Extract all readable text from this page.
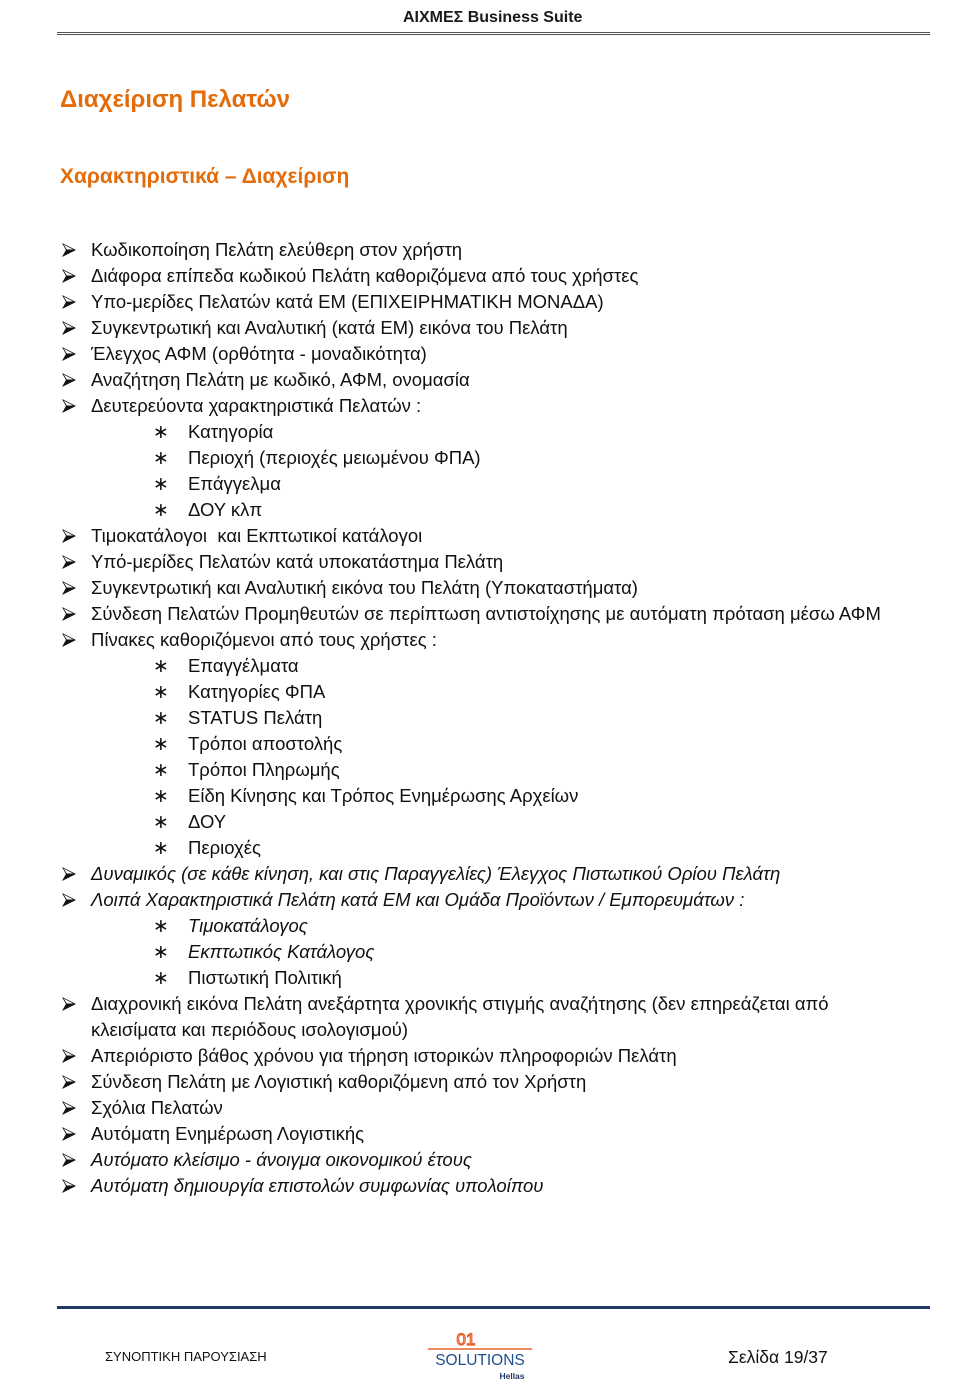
ΑΙΧΜΕΣ Business Suite
Διαχείριση Πελατών
Χαρακτηριστικά – Διαχείριση
Κωδικοποίηση Πελάτη ελεύθερη στον χρήστη
Διάφορα επίπεδα κωδικού Πελάτη καθοριζόμενα από τους χρήστες
Υπο-μερίδες Πελατών κατά ΕΜ (ΕΠΙΧΕΙΡΗΜΑΤΙΚΗ ΜΟΝΑΔΑ)
Συγκεντρωτική και Αναλυτική (κατά ΕΜ) εικόνα του Πελάτη
Έλεγχος ΑΦΜ (ορθότητα - μοναδικότητα)
Αναζήτηση Πελάτη με κωδικό, ΑΦΜ, ονομασία
Δευτερεύοντα χαρακτηριστικά Πελατών :
∗
Κατηγορία
∗
Περιοχή (περιοχές μειωμένου ΦΠΑ)
∗
Επάγγελμα
∗
ΔΟΥ κλπ
Τιμοκατάλογοι  και Εκπτωτικοί κατάλογοι
Υπό-μερίδες Πελατών κατά υποκατάστημα Πελάτη
Συγκεντρωτική και Αναλυτική εικόνα του Πελάτη (Υποκαταστήματα)
Σύνδεση Πελατών Προμηθευτών σε περίπτωση αντιστοίχησης με αυτόματη πρόταση μέσω ΑΦΜ
Πίνακες καθοριζόμενοι από τους χρήστες :
∗
Επαγγέλματα
∗
Κατηγορίες ΦΠΑ
∗
STATUS Πελάτη
∗
Τρόποι αποστολής
∗
Τρόποι Πληρωμής
∗
Είδη Κίνησης και Τρόπος Ενημέρωσης Αρχείων
∗
ΔΟΥ
∗
Περιοχές
Δυναμικός (σε κάθε κίνηση, και στις Παραγγελίες) Έλεγχος Πιστωτικού Ορίου Πελάτη
Λοιπά Χαρακτηριστικά Πελάτη κατά ΕΜ και Ομάδα Προϊόντων / Εμπορευμάτων :
∗
Τιμοκατάλογος
∗
Εκπτωτικός Κατάλογος
∗
Πιστωτική Πολιτική
Διαχρονική εικόνα Πελάτη ανεξάρτητα χρονικής στιγμής αναζήτησης (δεν επηρεάζεται από
κλεισίματα και περιόδους ισολογισμού)
Απεριόριστο βάθος χρόνου για τήρηση ιστορικών πληροφοριών Πελάτη
Σύνδεση Πελάτη με Λογιστική καθοριζόμενη από τον Χρήστη
Σχόλια Πελατών
Αυτόματη Ενημέρωση Λογιστικής
Αυτόματο κλείσιμο - άνοιγμα οικονομικού έτους
Αυτόματη δημιουργία επιστολών συμφωνίας υπολοίπου
ΣΥΝΟΠΤΙΚΗ ΠΑΡΟΥΣΙΑΣΗ
01
SOLUTIONS
Hellas
Σελίδα 19/37
